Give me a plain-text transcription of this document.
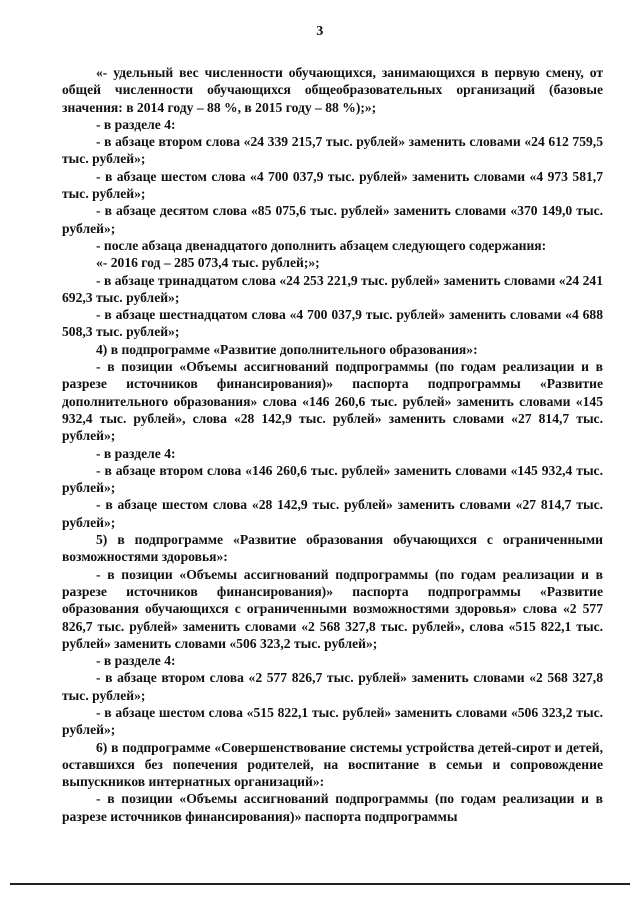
3

«- удельный вес численности обучающихся, занимающихся в первую смену, от общей численности обучающихся общеобразовательных организаций (базовые значения: в 2014 году – 88 %, в 2015 году – 88 %);»;

- в разделе 4:

- в абзаце втором слова «24 339 215,7 тыс. рублей» заменить словами «24 612 759,5 тыс. рублей»;

- в абзаце шестом слова «4 700 037,9 тыс. рублей» заменить словами «4 973 581,7 тыс. рублей»;

- в абзаце десятом слова «85 075,6 тыс. рублей» заменить словами «370 149,0 тыс. рублей»;

- после абзаца двенадцатого дополнить абзацем следующего содержания:

«- 2016 год – 285 073,4 тыс. рублей;»;

- в абзаце тринадцатом слова «24 253 221,9 тыс. рублей» заменить словами «24 241 692,3 тыс. рублей»;

- в абзаце шестнадцатом слова «4 700 037,9 тыс. рублей» заменить словами «4 688 508,3 тыс. рублей»;

4) в подпрограмме «Развитие дополнительного образования»:

- в позиции «Объемы ассигнований подпрограммы (по годам реализации и в разрезе источников финансирования)» паспорта подпрограммы «Развитие дополнительного образования» слова «146 260,6 тыс. рублей» заменить словами «145 932,4 тыс. рублей», слова «28 142,9 тыс. рублей» заменить словами «27 814,7 тыс. рублей»;

- в разделе 4:

- в абзаце втором слова «146 260,6 тыс. рублей» заменить словами «145 932,4 тыс. рублей»;

- в абзаце шестом слова «28 142,9 тыс. рублей» заменить словами «27 814,7 тыс. рублей»;

5) в подпрограмме «Развитие образования обучающихся с ограниченными возможностями здоровья»:

- в позиции «Объемы ассигнований подпрограммы (по годам реализации и в разрезе источников финансирования)» паспорта подпрограммы «Развитие образования обучающихся с ограниченными возможностями здоровья» слова «2 577 826,7 тыс. рублей» заменить словами «2 568 327,8 тыс. рублей», слова «515 822,1 тыс. рублей» заменить словами «506 323,2 тыс. рублей»;

- в разделе 4:

- в абзаце втором слова «2 577 826,7 тыс. рублей» заменить словами «2 568 327,8 тыс. рублей»;

- в абзаце шестом слова «515 822,1 тыс. рублей» заменить словами «506 323,2 тыс. рублей»;

6) в подпрограмме «Совершенствование системы устройства детей-сирот и детей, оставшихся без попечения родителей, на воспитание в семьи и сопровождение выпускников интернатных организаций»:

- в позиции «Объемы ассигнований подпрограммы (по годам реализации и в разрезе источников финансирования)» паспорта подпрограммы
